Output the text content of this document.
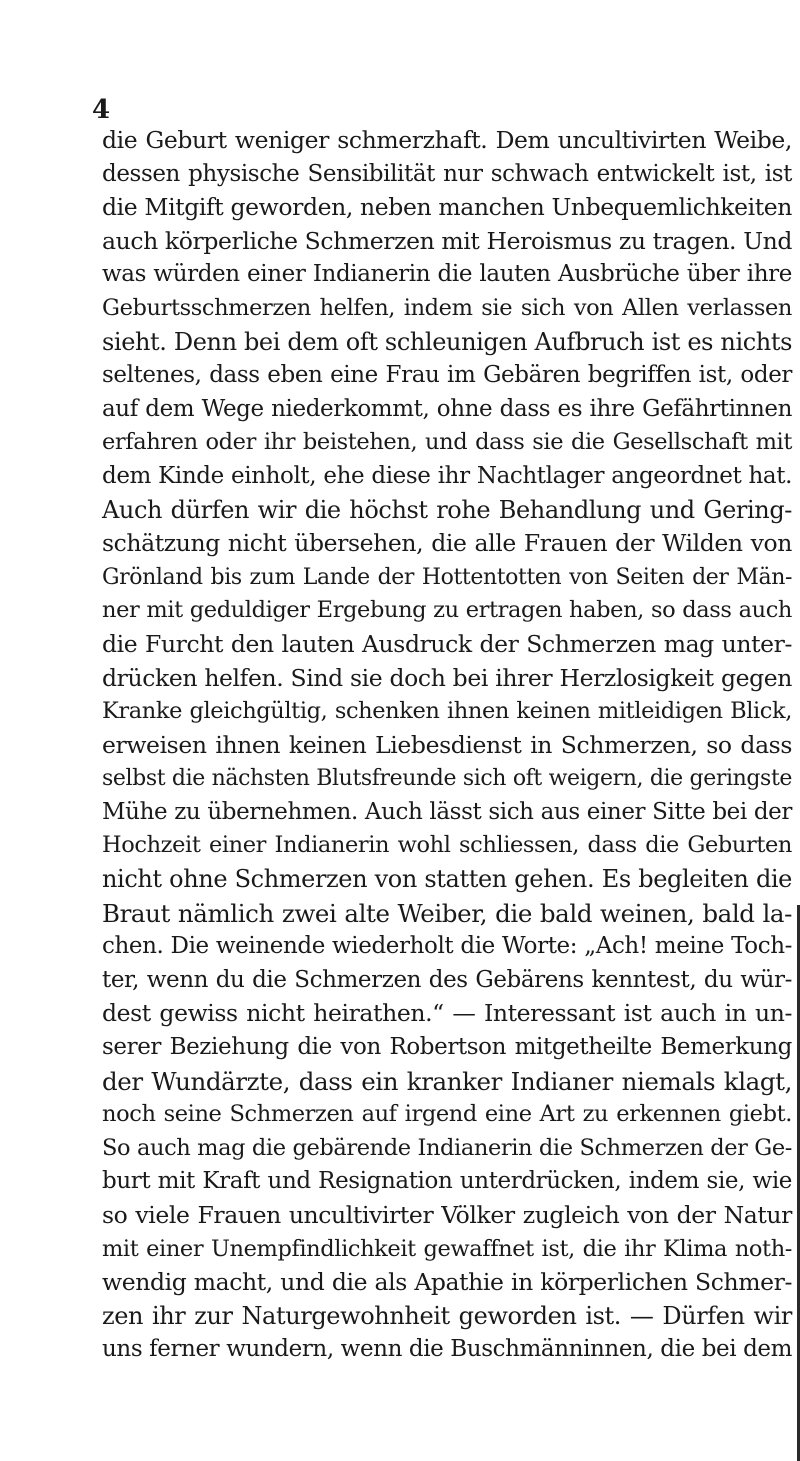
4
die Geburt weniger schmerzhaft. Dem uncultivirten Weibe,
dessen physische Sensibilität nur schwach entwickelt ist, ist
die Mitgift geworden, neben manchen Unbequemlichkeiten
auch körperliche Schmerzen mit Heroismus zu tragen. Und
was würden einer Indianerin die lauten Ausbrüche über ihre
Geburtsschmerzen helfen, indem sie sich von Allen verlassen
sieht. Denn bei dem oft schleunigen Aufbruch ist es nichts
seltenes, dass eben eine Frau im Gebären begriffen ist, oder
auf dem Wege niederkommt, ohne dass es ihre Gefährtinnen
erfahren oder ihr beistehen, und dass sie die Gesellschaft mit
dem Kinde einholt, ehe diese ihr Nachtlager angeordnet hat.
Auch dürfen wir die höchst rohe Behandlung und Gering-
schätzung nicht übersehen, die alle Frauen der Wilden von
Grönland bis zum Lande der Hottentotten von Seiten der Män-
ner mit geduldiger Ergebung zu ertragen haben, so dass auch
die Furcht den lauten Ausdruck der Schmerzen mag unter-
drücken helfen. Sind sie doch bei ihrer Herzlosigkeit gegen
Kranke gleichgültig, schenken ihnen keinen mitleidigen Blick,
erweisen ihnen keinen Liebesdienst in Schmerzen, so dass
selbst die nächsten Blutsfreunde sich oft weigern, die geringste
Mühe zu übernehmen. Auch lässt sich aus einer Sitte bei der
Hochzeit einer Indianerin wohl schliessen, dass die Geburten
nicht ohne Schmerzen von statten gehen. Es begleiten die
Braut nämlich zwei alte Weiber, die bald weinen, bald la-
chen. Die weinende wiederholt die Worte: „Ach! meine Toch-
ter, wenn du die Schmerzen des Gebärens kenntest, du wür-
dest gewiss nicht heirathen.“ — Interessant ist auch in un-
serer Beziehung die von Robertson mitgetheilte Bemerkung
der Wundärzte, dass ein kranker Indianer niemals klagt,
noch seine Schmerzen auf irgend eine Art zu erkennen giebt.
So auch mag die gebärende Indianerin die Schmerzen der Ge-
burt mit Kraft und Resignation unterdrücken, indem sie, wie
so viele Frauen uncultivirter Völker zugleich von der Natur
mit einer Unempfindlichkeit gewaffnet ist, die ihr Klima noth-
wendig macht, und die als Apathie in körperlichen Schmer-
zen ihr zur Naturgewohnheit geworden ist. — Dürfen wir
uns ferner wundern, wenn die Buschmänninnen, die bei dem
